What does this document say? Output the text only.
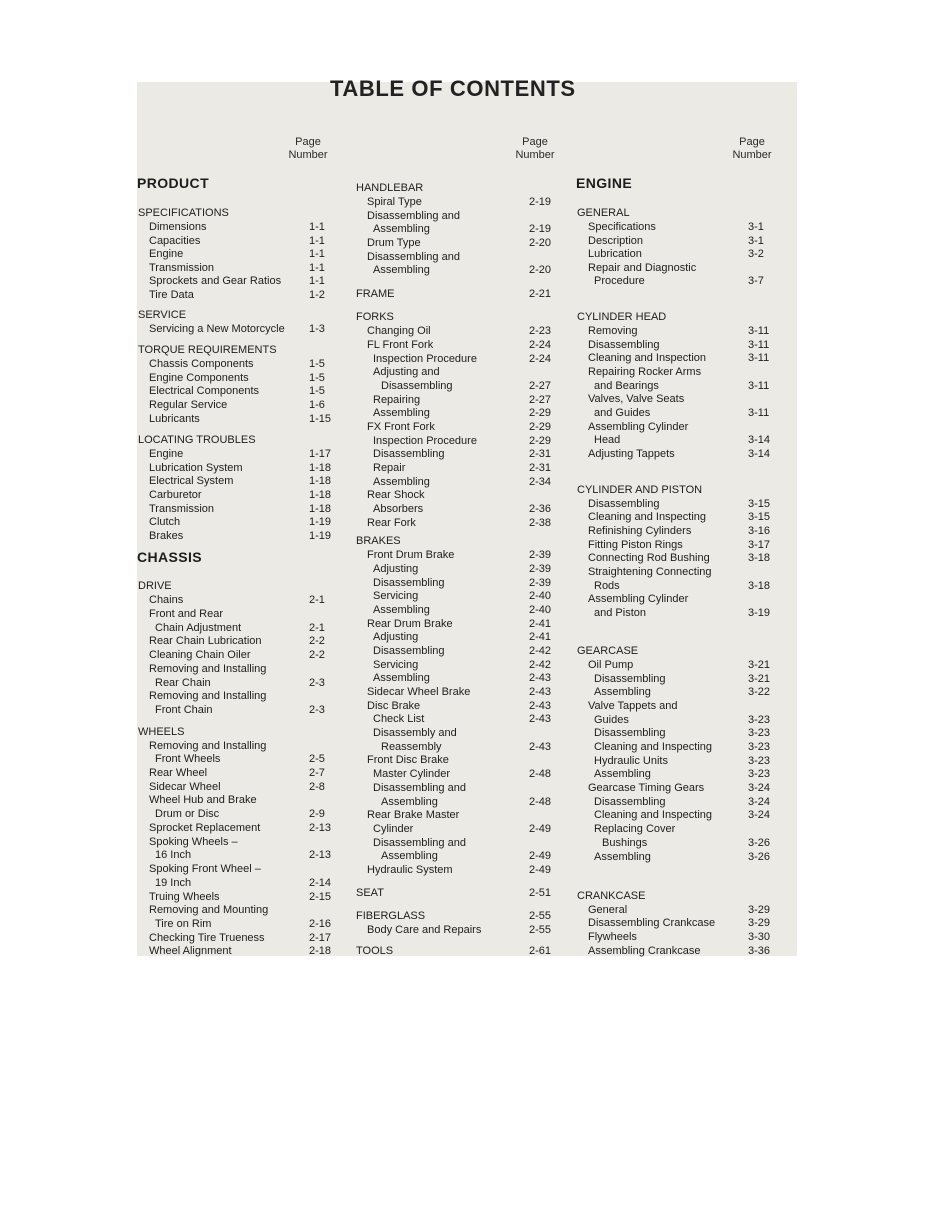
TABLE OF CONTENTS
Page
Number
PRODUCT
SPECIFICATIONS
Dimensions	1-1
Capacities	1-1
Engine	1-1
Transmission	1-1
Sprockets and Gear Ratios	1-1
Tire Data	1-2
SERVICE
Servicing a New Motorcycle 1-3
TORQUE REQUIREMENTS
Chassis Components	1-5
Engine Components	1-5
Electrical Components	1-5
Regular Service	1-6
Lubricants	1-15
LOCATING TROUBLES
Engine	1-17
Lubrication System	1-18
Electrical System	1-18
Carburetor	1-18
Transmission	1-18
Clutch	1-19
Brakes	1-19
CHASSIS
DRIVE
Chains	2-1
Front and Rear
Chain Adjustment	2-1
Rear Chain Lubrication	2-2
Cleaning Chain Oiler	2-2
Removing and Installing
Rear Chain	2-3
Removing and Installing
Front Chain	2-3
WHEELS
Removing and Installing
Front Wheels	2-5
Rear Wheel	2-7
Sidecar Wheel	2-8
Wheel Hub and Brake
Drum or Disc	2-9
Sprocket Replacement	2-13
Spoking Wheels –
16 Inch	2-13
Spoking Front Wheel –
19 Inch	2-14
Truing Wheels	2-15
Removing and Mounting
Tire on Rim	2-16
Checking Tire Trueness	2-17
Wheel Alignment	2-18
Page
Number
HANDLEBAR
Spiral Type	2-19
Disassembling and
Assembling	2-19
Drum Type	2-20
Disassembling and
Assembling	2-20
FRAME	2-21
FORKS
Changing Oil	2-23
FL Front Fork	2-24
Inspection Procedure	2-24
Adjusting and
Disassembling	2-27
Repairing	2-27
Assembling	2-29
FX Front Fork	2-29
Inspection Procedure	2-29
Disassembling	2-31
Repair	2-31
Assembling	2-34
Rear Shock
Absorbers	2-36
Rear Fork	2-38
BRAKES
Front Drum Brake	2-39
Adjusting	2-39
Disassembling	2-39
Servicing	2-40
Assembling	2-40
Rear Drum Brake	2-41
Adjusting	2-41
Disassembling	2-42
Servicing	2-42
Assembling	2-43
Sidecar Wheel Brake	2-43
Disc Brake	2-43
Check List	2-43
Disassembly and
Reassembly	2-43
Front Disc Brake
Master Cylinder	2-48
Disassembling and
Assembling	2-48
Rear Brake Master
Cylinder	2-49
Disassembling and
Assembling	2-49
Hydraulic System	2-49
SEAT	2-51
FIBERGLASS	2-55
Body Care and Repairs	2-55
TOOLS	2-61
Page
Number
ENGINE
GENERAL
Specifications	3-1
Description	3-1
Lubrication	3-2
Repair and Diagnostic
Procedure	3-7
CYLINDER HEAD
Removing	3-11
Disassembling	3-11
Cleaning and Inspection	3-11
Repairing Rocker Arms
and Bearings	3-11
Valves, Valve Seats
and Guides	3-11
Assembling Cylinder
Head	3-14
Adjusting Tappets	3-14
CYLINDER AND PISTON
Disassembling	3-15
Cleaning and Inspecting	3-15
Refinishing Cylinders	3-16
Fitting Piston Rings	3-17
Connecting Rod Bushing	3-18
Straightening Connecting
Rods	3-18
Assembling Cylinder
and Piston	3-19
GEARCASE
Oil Pump	3-21
Disassembling	3-21
Assembling	3-22
Valve Tappets and
Guides	3-23
Disassembling	3-23
Cleaning and Inspecting	3-23
Hydraulic Units	3-23
Assembling	3-23
Gearcase Timing Gears	3-24
Disassembling	3-24
Cleaning and Inspecting	3-24
Replacing Cover
Bushings	3-26
Assembling	3-26
CRANKCASE
General	3-29
Disassembling Crankcase	3-29
Flywheels	3-30
Assembling Crankcase	3-36
